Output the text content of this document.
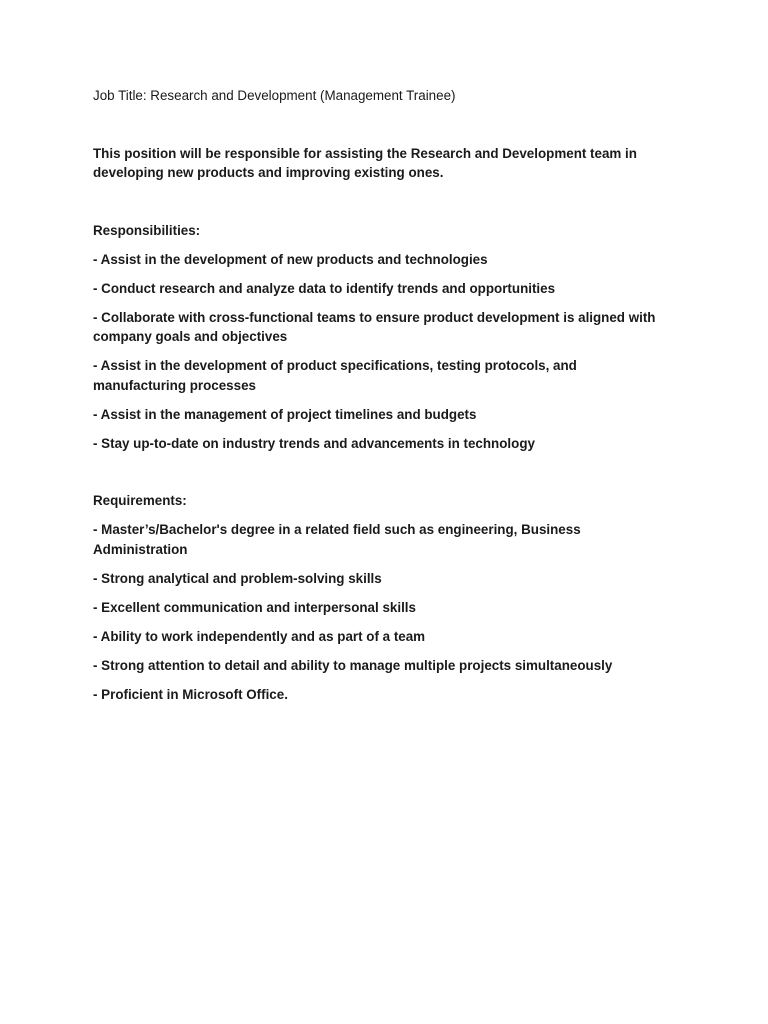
Job Title: Research and Development (Management Trainee)

This position will be responsible for assisting the Research and Development team in developing new products and improving existing ones.

Responsibilities:

- Assist in the development of new products and technologies
- Conduct research and analyze data to identify trends and opportunities
- Collaborate with cross-functional teams to ensure product development is aligned with company goals and objectives
- Assist in the development of product specifications, testing protocols, and manufacturing processes
- Assist in the management of project timelines and budgets
- Stay up-to-date on industry trends and advancements in technology

Requirements:

- Master’s/Bachelor's degree in a related field such as engineering, Business Administration
- Strong analytical and problem-solving skills
- Excellent communication and interpersonal skills
- Ability to work independently and as part of a team
- Strong attention to detail and ability to manage multiple projects simultaneously
- Proficient in Microsoft Office.
